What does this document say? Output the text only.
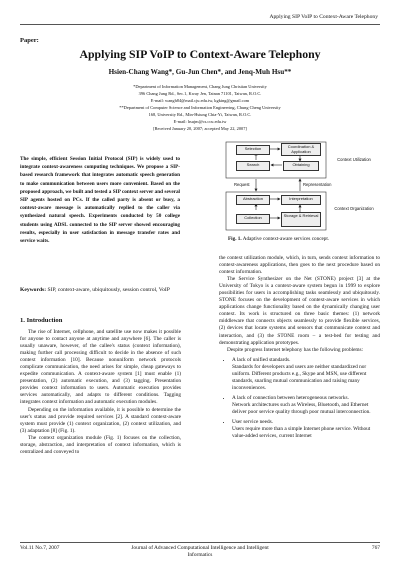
Applying SIP VoIP to Context-Aware Telephony
Paper:
Applying SIP VoIP to Context-Aware Telephony
Hsien-Chang Wang*, Gu-Jun Chen*, and Jenq-Muh Hsu**
*Department of Information Management, Chang Jung Christian University
396 Chang Jung Rd., Sec.1, Kway Jen, Tainan 71101, Taiwan, R.O.C.
E-mail: wangh84@mail.cju.edu.tw, kgking@gmail.com
**Department of Computer Science and Information Engineering, Chung Cheng University
168, University Rd., Min-Hsiung Chia-Yi, Taiwan, R.O.C.
E-mail: hsujm@cs.ccu.edu.tw
[Received January 20, 2007; accepted May 22, 2007]
The simple, efficient Session Initial Protocol (SIP) is widely used to integrate context-awareness computing techniques. We propose a SIP-based research framework that integrates automatic speech generation to make communication between users more convenient. Based on the proposed approach, we built and tested a SIP context server and several SIP agents hosted on PCs. If the called party is absent or busy, a context-aware message is automatically replied to the caller via synthesized natural speech. Experiments conducted by 50 college students using ADSL connected to the SIP server showed encouraging results, especially in user satisfaction in message transfer rates and service waits.
Keywords: SIP, context-aware, ubiquitously, session control, VoIP
1. Introduction

The rise of Internet, cellphone, and satellite use now makes it possible for anyone to contact anyone at anytime and anywhere [6]. The caller is usually unaware, however, of the callee's status (context information), making further call processing difficult to decide in the absence of such context information [10]. Because nonuniform network protocols complicate communication, the need arises for simple, cheap gateways to expedite communication. A context-aware system [1] must enable (1) presentation, (2) automatic execution, and (3) tagging. Presentation provides context information to users. Automatic execution provides services automatically, and adapts to different conditions. Tagging integrates context information and automatic execution modules.

Depending on the information available, it is possible to determine the user's status and provide required services [2]. A standard context-aware system must provide (1) context organization, (2) context utilization, and (3) adaptation [8] (Fig. 1).

The context organization module (Fig. 1) focuses on the collection, storage, abstraction, and interpretation of context information, which is centralized and conveyed to

Selection	Coordination & Application
Search	Obtaining
Context Utilization
Request	Representation
Abstraction	Interpretation
Collection	Storage & Retrieval
Context Organization
Fig. 1. Adaptive context-aware services concept.

the context utilization module, which, in turn, sends context information to context-awareness applications, then goes to the next procedure based on context information.

The Service Synthesizer on the Net (STONE) project [3] at the University of Tokyo is a context-aware system begun in 1999 to explore possibilities for users in accomplishing tasks seamlessly and ubiquitously. STONE focuses on the development of context-aware services in which applications change functionality based on the dynamically changing user context. Its work is structured on three basic themes: (1) network middleware that connects objects seamlessly to provide flexible services, (2) devices that locate systems and sensors that communicate context and interaction, and (3) the STONE room – a test-bed for testing and demonstrating application prototypes.

Despite progress Internet telephony has the following problems:

• A lack of unified standards.
Standards for developers and users are neither standardized nor uniform. Different products e.g., Skype and MSN, use different standards, snarling mutual communication and raising many inconveniences.
• A lack of connection between heterogeneous networks.
Network architectures such as Wireless, Bluetooth, and Ethernet deliver poor service quality through poor mutual interconnection.
• User service needs.
Users require more than a simple Internet phone service. Without value-added services, current Internet
Vol.11 No.7, 2007	Journal of Advanced Computational Intelligence and Intelligent Informatics
767
